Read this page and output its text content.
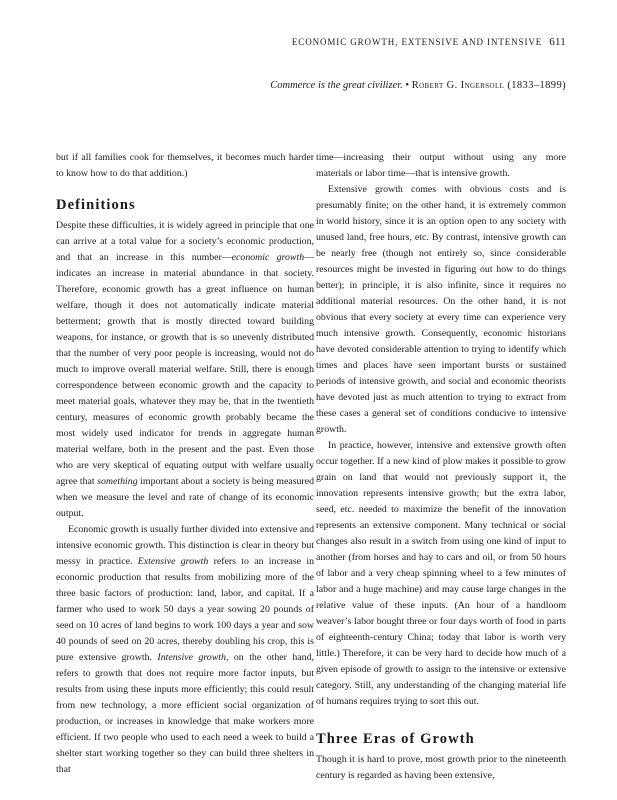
ECONOMIC GROWTH, EXTENSIVE AND INTENSIVE 611
Commerce is the great civilizer. • Robert G. Ingersoll (1833–1899)

but if all families cook for themselves, it becomes much harder to know how to do that addition.)

Definitions

Despite these difficulties, it is widely agreed in principle that one can arrive at a total value for a society’s economic production, and that an increase in this number—economic growth—indicates an increase in material abundance in that society. Therefore, economic growth has a great influence on human welfare, though it does not automatically indicate material betterment; growth that is mostly directed toward building weapons, for instance, or growth that is so unevenly distributed that the number of very poor people is increasing, would not do much to improve overall material welfare. Still, there is enough correspondence between economic growth and the capacity to meet material goals, whatever they may be, that in the twentieth century, measures of economic growth probably became the most widely used indicator for trends in aggregate human material welfare, both in the present and the past. Even those who are very skeptical of equating output with welfare usually agree that something important about a society is being measured when we measure the level and rate of change of its economic output.

Economic growth is usually further divided into extensive and intensive economic growth. This distinction is clear in theory but messy in practice. Extensive growth refers to an increase in economic production that results from mobilizing more of the three basic factors of production: land, labor, and capital. If a farmer who used to work 50 days a year sowing 20 pounds of seed on 10 acres of land begins to work 100 days a year and sow 40 pounds of seed on 20 acres, thereby doubling his crop, this is pure extensive growth. Intensive growth, on the other hand, refers to growth that does not require more factor inputs, but results from using these inputs more efficiently; this could result from new technology, a more efficient social organization of production, or increases in knowledge that make workers more efficient. If two people who used to each need a week to build a shelter start working together so they can build three shelters in that

time—increasing their output without using any more materials or labor time—that is intensive growth.

Extensive growth comes with obvious costs and is presumably finite; on the other hand, it is extremely common in world history, since it is an option open to any society with unused land, free hours, etc. By contrast, intensive growth can be nearly free (though not entirely so, since considerable resources might be invested in figuring out how to do things better); in principle, it is also infinite, since it requires no additional material resources. On the other hand, it is not obvious that every society at every time can experience very much intensive growth. Consequently, economic historians have devoted considerable attention to trying to identify which times and places have seen important bursts or sustained periods of intensive growth, and social and economic theorists have devoted just as much attention to trying to extract from these cases a general set of conditions conducive to intensive growth.

In practice, however, intensive and extensive growth often occur together. If a new kind of plow makes it possible to grow grain on land that would not previously support it, the innovation represents intensive growth; but the extra labor, seed, etc. needed to maximize the benefit of the innovation represents an extensive component. Many technical or social changes also result in a switch from using one kind of input to another (from horses and hay to cars and oil, or from 50 hours of labor and a very cheap spinning wheel to a few minutes of labor and a huge machine) and may cause large changes in the relative value of these inputs. (An hour of a handloom weaver’s labor bought three or four days worth of food in parts of eighteenth-century China; today that labor is worth very little.) Therefore, it can be very hard to decide how much of a given episode of growth to assign to the intensive or extensive category. Still, any understanding of the changing material life of humans requires trying to sort this out.

Three Eras of Growth

Though it is hard to prove, most growth prior to the nineteenth century is regarded as having been extensive,
